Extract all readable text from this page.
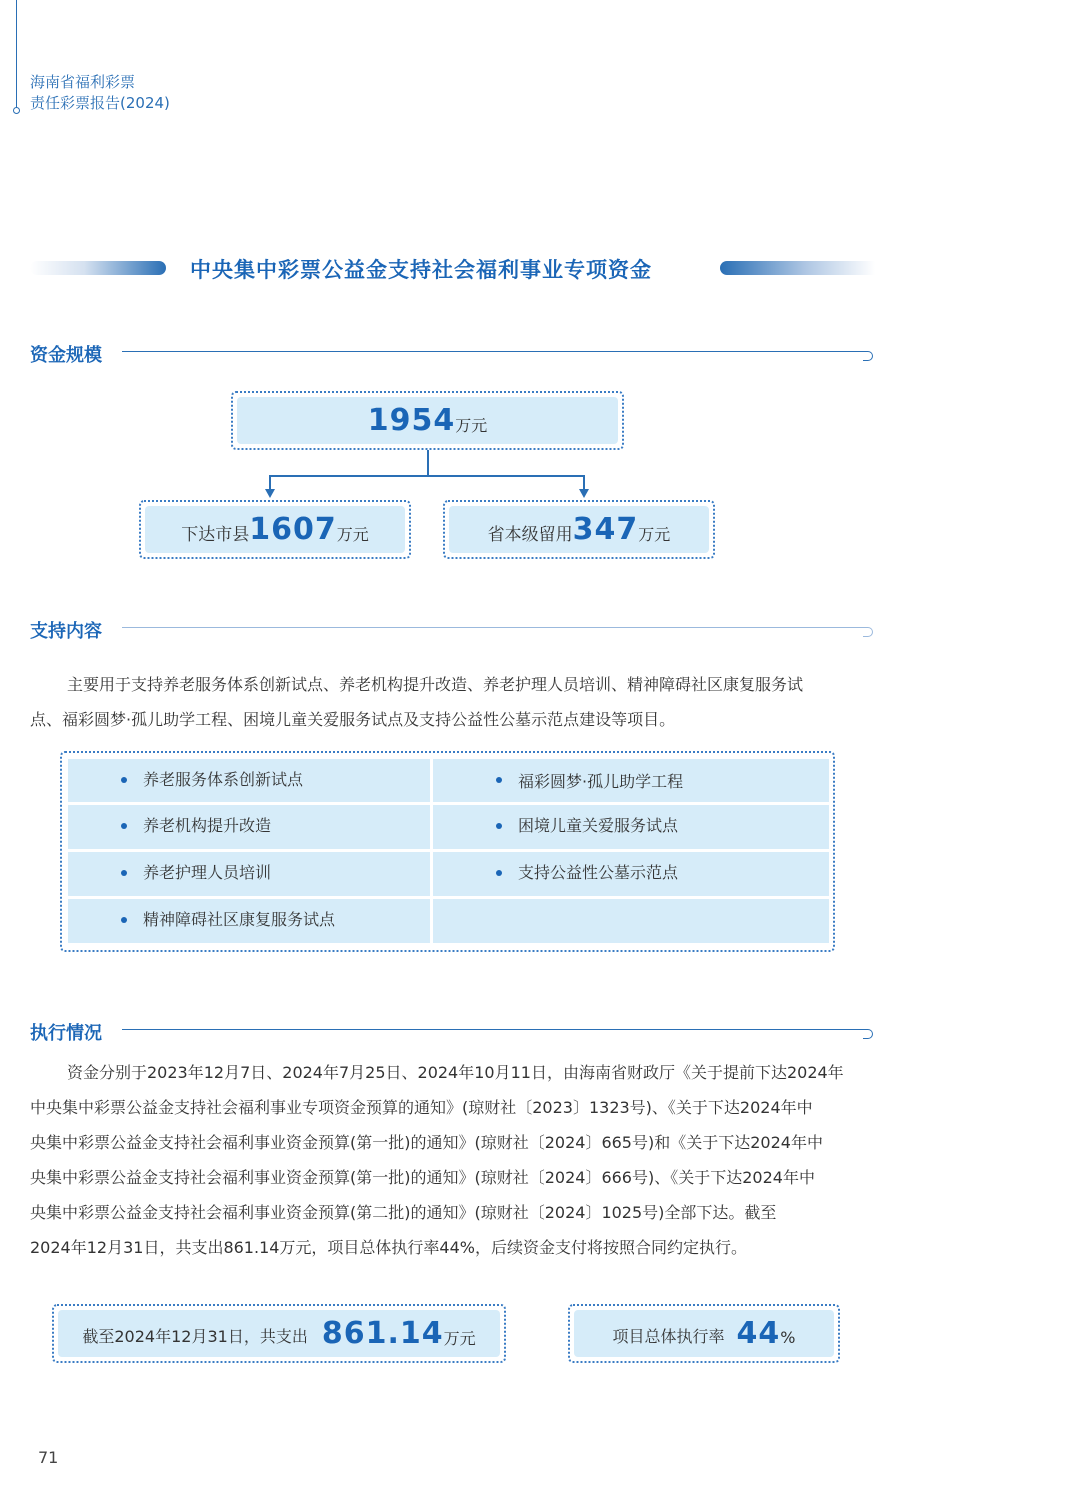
海南省福利彩票
责任彩票报告(2024)
中央集中彩票公益金支持社会福利事业专项资金
资金规模
1954 万元
下达市县 1607 万元	省本级留用 347 万元
支持内容
主要用于支持养老服务体系创新试点、养老机构提升改造、养老护理人员培训、精神障碍社区康复服务试
点、福彩圆梦·孤儿助学工程、困境儿童关爱服务试点及支持公益性公墓示范点建设等项目。
养老服务体系创新试点	福彩圆梦·孤儿助学工程
养老机构提升改造	困境儿童关爱服务试点
养老护理人员培训	支持公益性公墓示范点
精神障碍社区康复服务试点
执行情况
资金分别于2023年12月7日、2024年7月25日、2024年10月11日，由海南省财政厅《关于提前下达2024年
中央集中彩票公益金支持社会福利事业专项资金预算的通知》(琼财社〔2023〕1323号)、《关于下达2024年中
央集中彩票公益金支持社会福利事业资金预算(第一批)的通知》(琼财社〔2024〕665号)和《关于下达2024年中
央集中彩票公益金支持社会福利事业资金预算(第一批)的通知》(琼财社〔2024〕666号)、《关于下达2024年中
央集中彩票公益金支持社会福利事业资金预算(第二批)的通知》(琼财社〔2024〕1025号)全部下达。截至
2024年12月31日，共支出861.14万元，项目总体执行率44%，后续资金支付将按照合同约定执行。
截至2024年12月31日，共支出 861.14 万元	项目总体执行率 44 %
71
